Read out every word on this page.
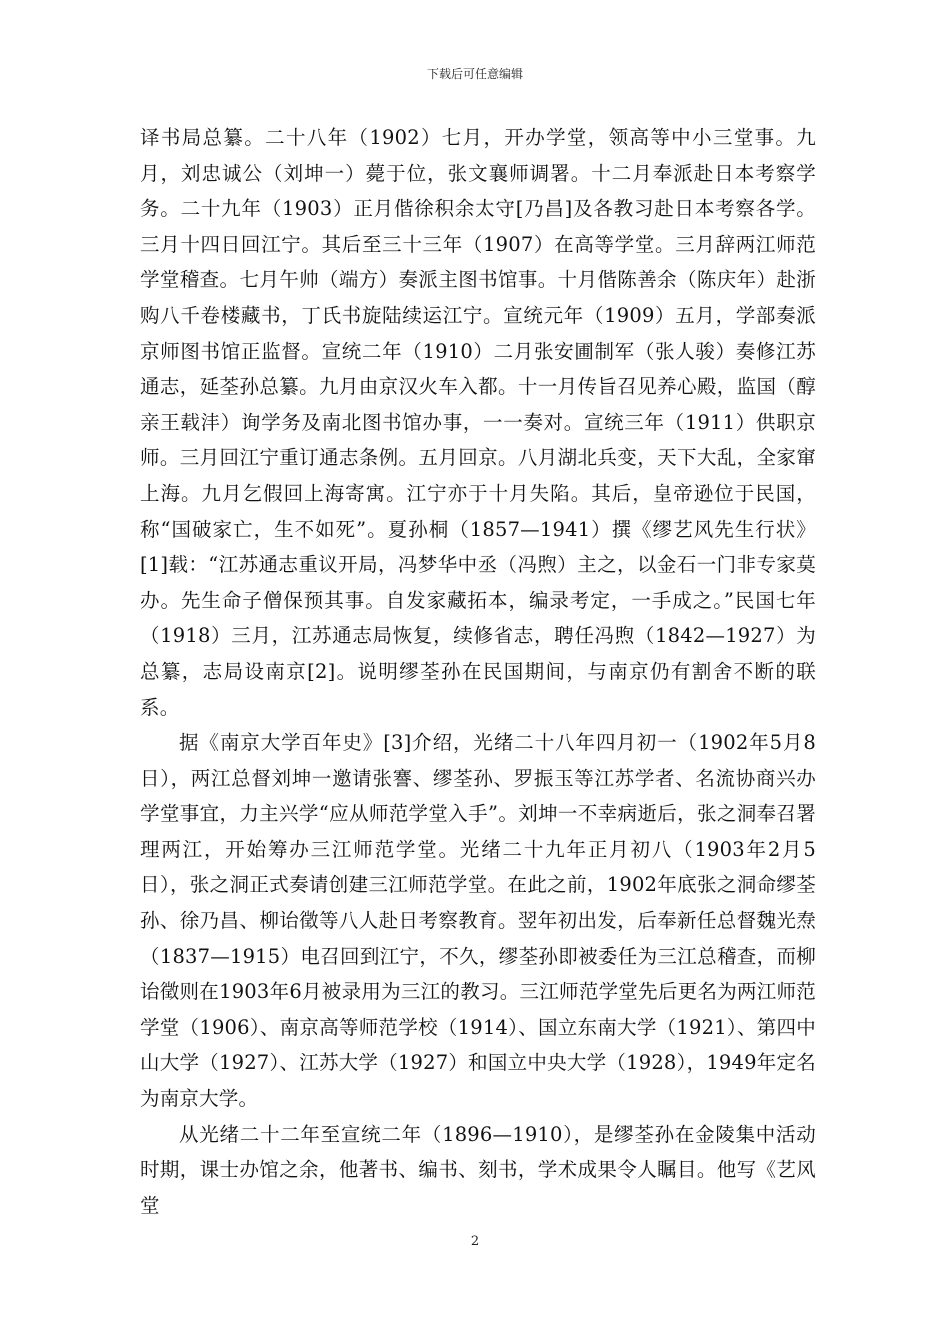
下载后可任意编辑

译书局总纂。二十八年（1902）七月，开办学堂，领高等中小三堂事。九月，刘忠诚公（刘坤一）薨于位，张文襄师调署。十二月奉派赴日本考察学务。二十九年（1903）正月偕徐积余太守[乃昌]及各教习赴日本考察各学。三月十四日回江宁。其后至三十三年（1907）在高等学堂。三月辞两江师范学堂稽查。七月午帅（端方）奏派主图书馆事。十月偕陈善余（陈庆年）赴浙购八千卷楼藏书，丁氏书旋陆续运江宁。宣统元年（1909）五月，学部奏派京师图书馆正监督。宣统二年（1910）二月张安圃制军（张人骏）奏修江苏通志，延荃孙总纂。九月由京汉火车入都。十一月传旨召见养心殿，监国（醇亲王载沣）询学务及南北图书馆办事，一一奏对。宣统三年（1911）供职京师。三月回江宁重订通志条例。五月回京。八月湖北兵变，天下大乱，全家窜上海。九月乞假回上海寄寓。江宁亦于十月失陷。其后，皇帝逊位于民国，称“国破家亡，生不如死”。夏孙桐（1857—1941）撰《缪艺风先生行状》[1]载：“江苏通志重议开局，冯梦华中丞（冯煦）主之，以金石一门非专家莫办。先生命子僧保预其事。自发家藏拓本，编录考定，一手成之。”民国七年（1918）三月，江苏通志局恢复，续修省志，聘任冯煦（1842—1927）为总纂，志局设南京[2]。说明缪荃孙在民国期间，与南京仍有割舍不断的联系。

据《南京大学百年史》[3]介绍，光绪二十八年四月初一（1902年5月8日），两江总督刘坤一邀请张謇、缪荃孙、罗振玉等江苏学者、名流协商兴办学堂事宜，力主兴学“应从师范学堂入手”。刘坤一不幸病逝后，张之洞奉召署理两江，开始筹办三江师范学堂。光绪二十九年正月初八（1903年2月5日），张之洞正式奏请创建三江师范学堂。在此之前，1902年底张之洞命缪荃孙、徐乃昌、柳诒徵等八人赴日考察教育。翌年初出发，后奉新任总督魏光焘（1837—1915）电召回到江宁，不久，缪荃孙即被委任为三江总稽查，而柳诒徵则在1903年6月被录用为三江的教习。三江师范学堂先后更名为两江师范学堂（1906）、南京高等师范学校（1914）、国立东南大学（1921）、第四中山大学（1927）、江苏大学（1927）和国立中央大学（1928），1949年定名为南京大学。

从光绪二十二年至宣统二年（1896—1910），是缪荃孙在金陵集中活动时期，课士办馆之余，他著书、编书、刻书，学术成果令人瞩目。他写《艺风堂

2
